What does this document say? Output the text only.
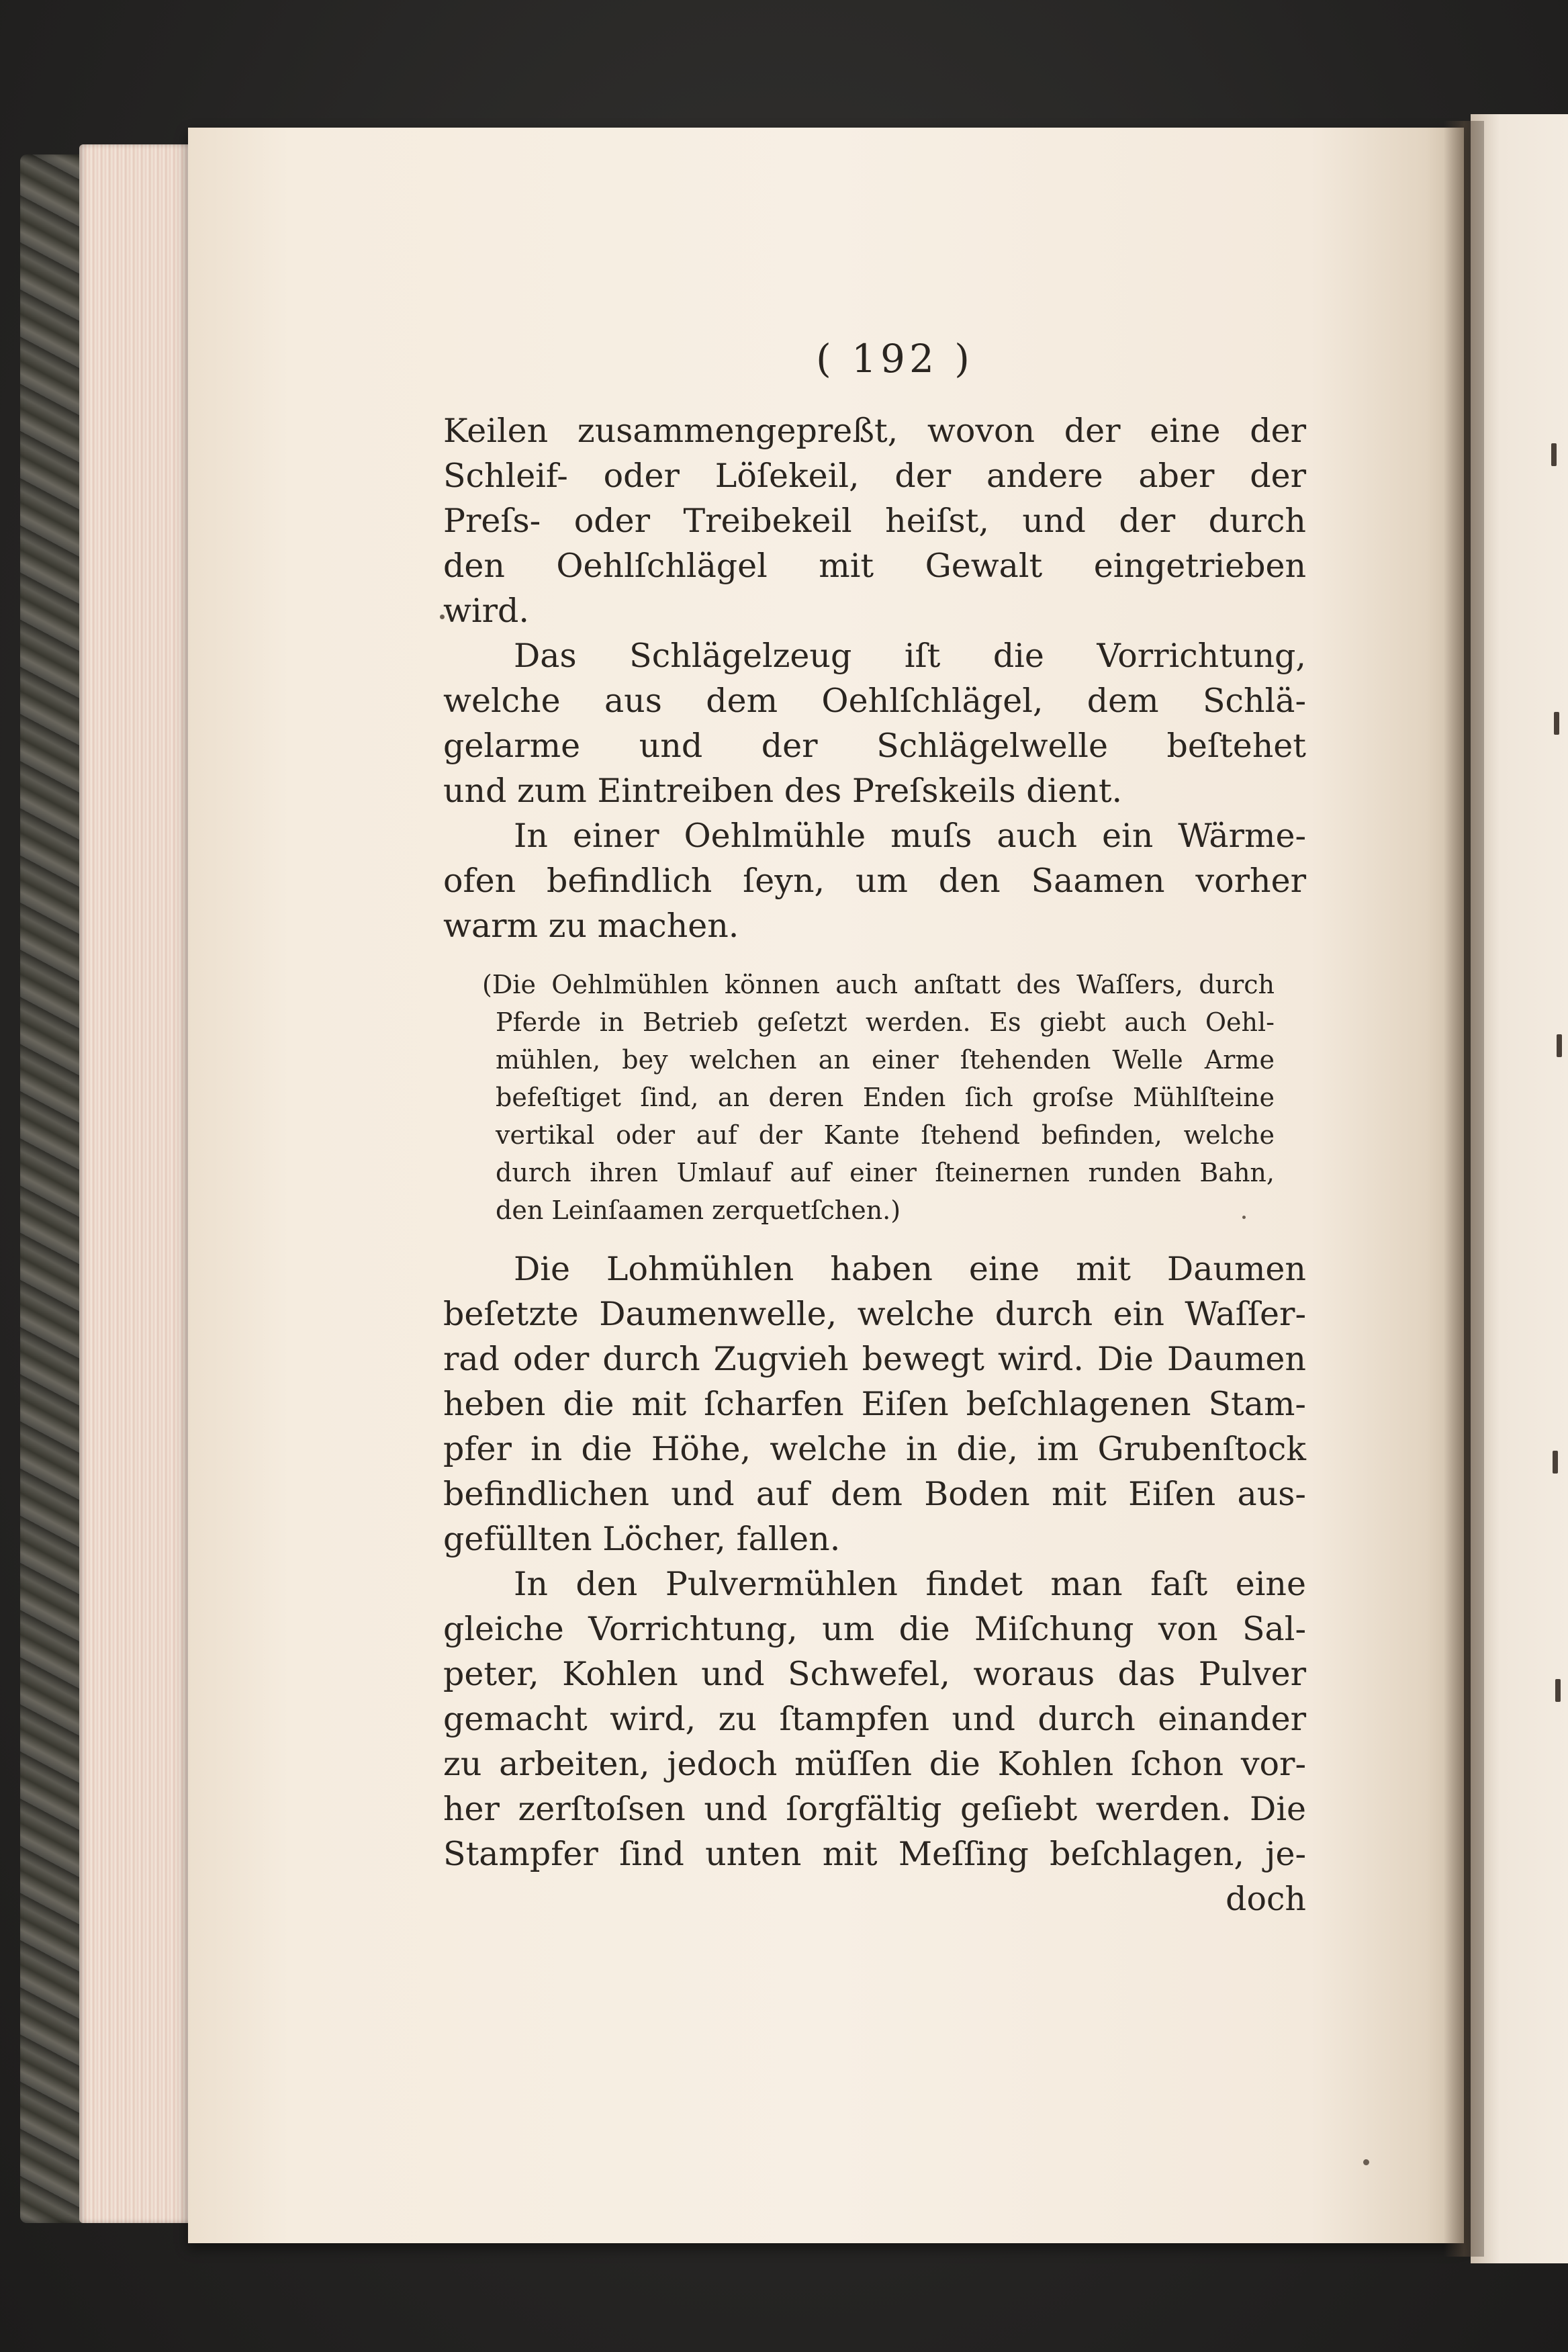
( 192 )
Keilen zusammengepreßt, wovon der eine der
Schleif- oder Löſekeil, der andere aber der
Preſs- oder Treibekeil heiſst, und der durch
den Oehlſchlägel mit Gewalt eingetrieben
wird.
Das Schlägelzeug iſt die Vorrichtung,
welche aus dem Oehlſchlägel, dem Schlä-
gelarme und der Schlägelwelle beſtehet
und zum Eintreiben des Preſskeils dient.
In einer Oehlmühle muſs auch ein Wärme-
ofen befindlich ſeyn, um den Saamen vorher
warm zu machen.
(Die Oehlmühlen können auch anſtatt des Waſſers, durch
Pferde in Betrieb geſetzt werden. Es giebt auch Oehl-
mühlen, bey welchen an einer ſtehenden Welle Arme
befeſtiget ſind, an deren Enden ſich groſse Mühlſteine
vertikal oder auf der Kante ſtehend befinden, welche
durch ihren Umlauf auf einer ſteinernen runden Bahn,
den Leinſaamen zerquetſchen.)
Die Lohmühlen haben eine mit Daumen
beſetzte Daumenwelle, welche durch ein Waſſer-
rad oder durch Zugvieh bewegt wird. Die Daumen
heben die mit ſcharfen Eiſen beſchlagenen Stam-
pfer in die Höhe, welche in die, im Grubenſtock
befindlichen und auf dem Boden mit Eiſen aus-
gefüllten Löcher, fallen.
In den Pulvermühlen findet man faſt eine
gleiche Vorrichtung, um die Miſchung von Sal-
peter, Kohlen und Schwefel, woraus das Pulver
gemacht wird, zu ſtampfen und durch einander
zu arbeiten, jedoch müſſen die Kohlen ſchon vor-
her zerſtoſsen und ſorgfältig geſiebt werden. Die
Stampfer ſind unten mit Meſſing beſchlagen, je-
doch
